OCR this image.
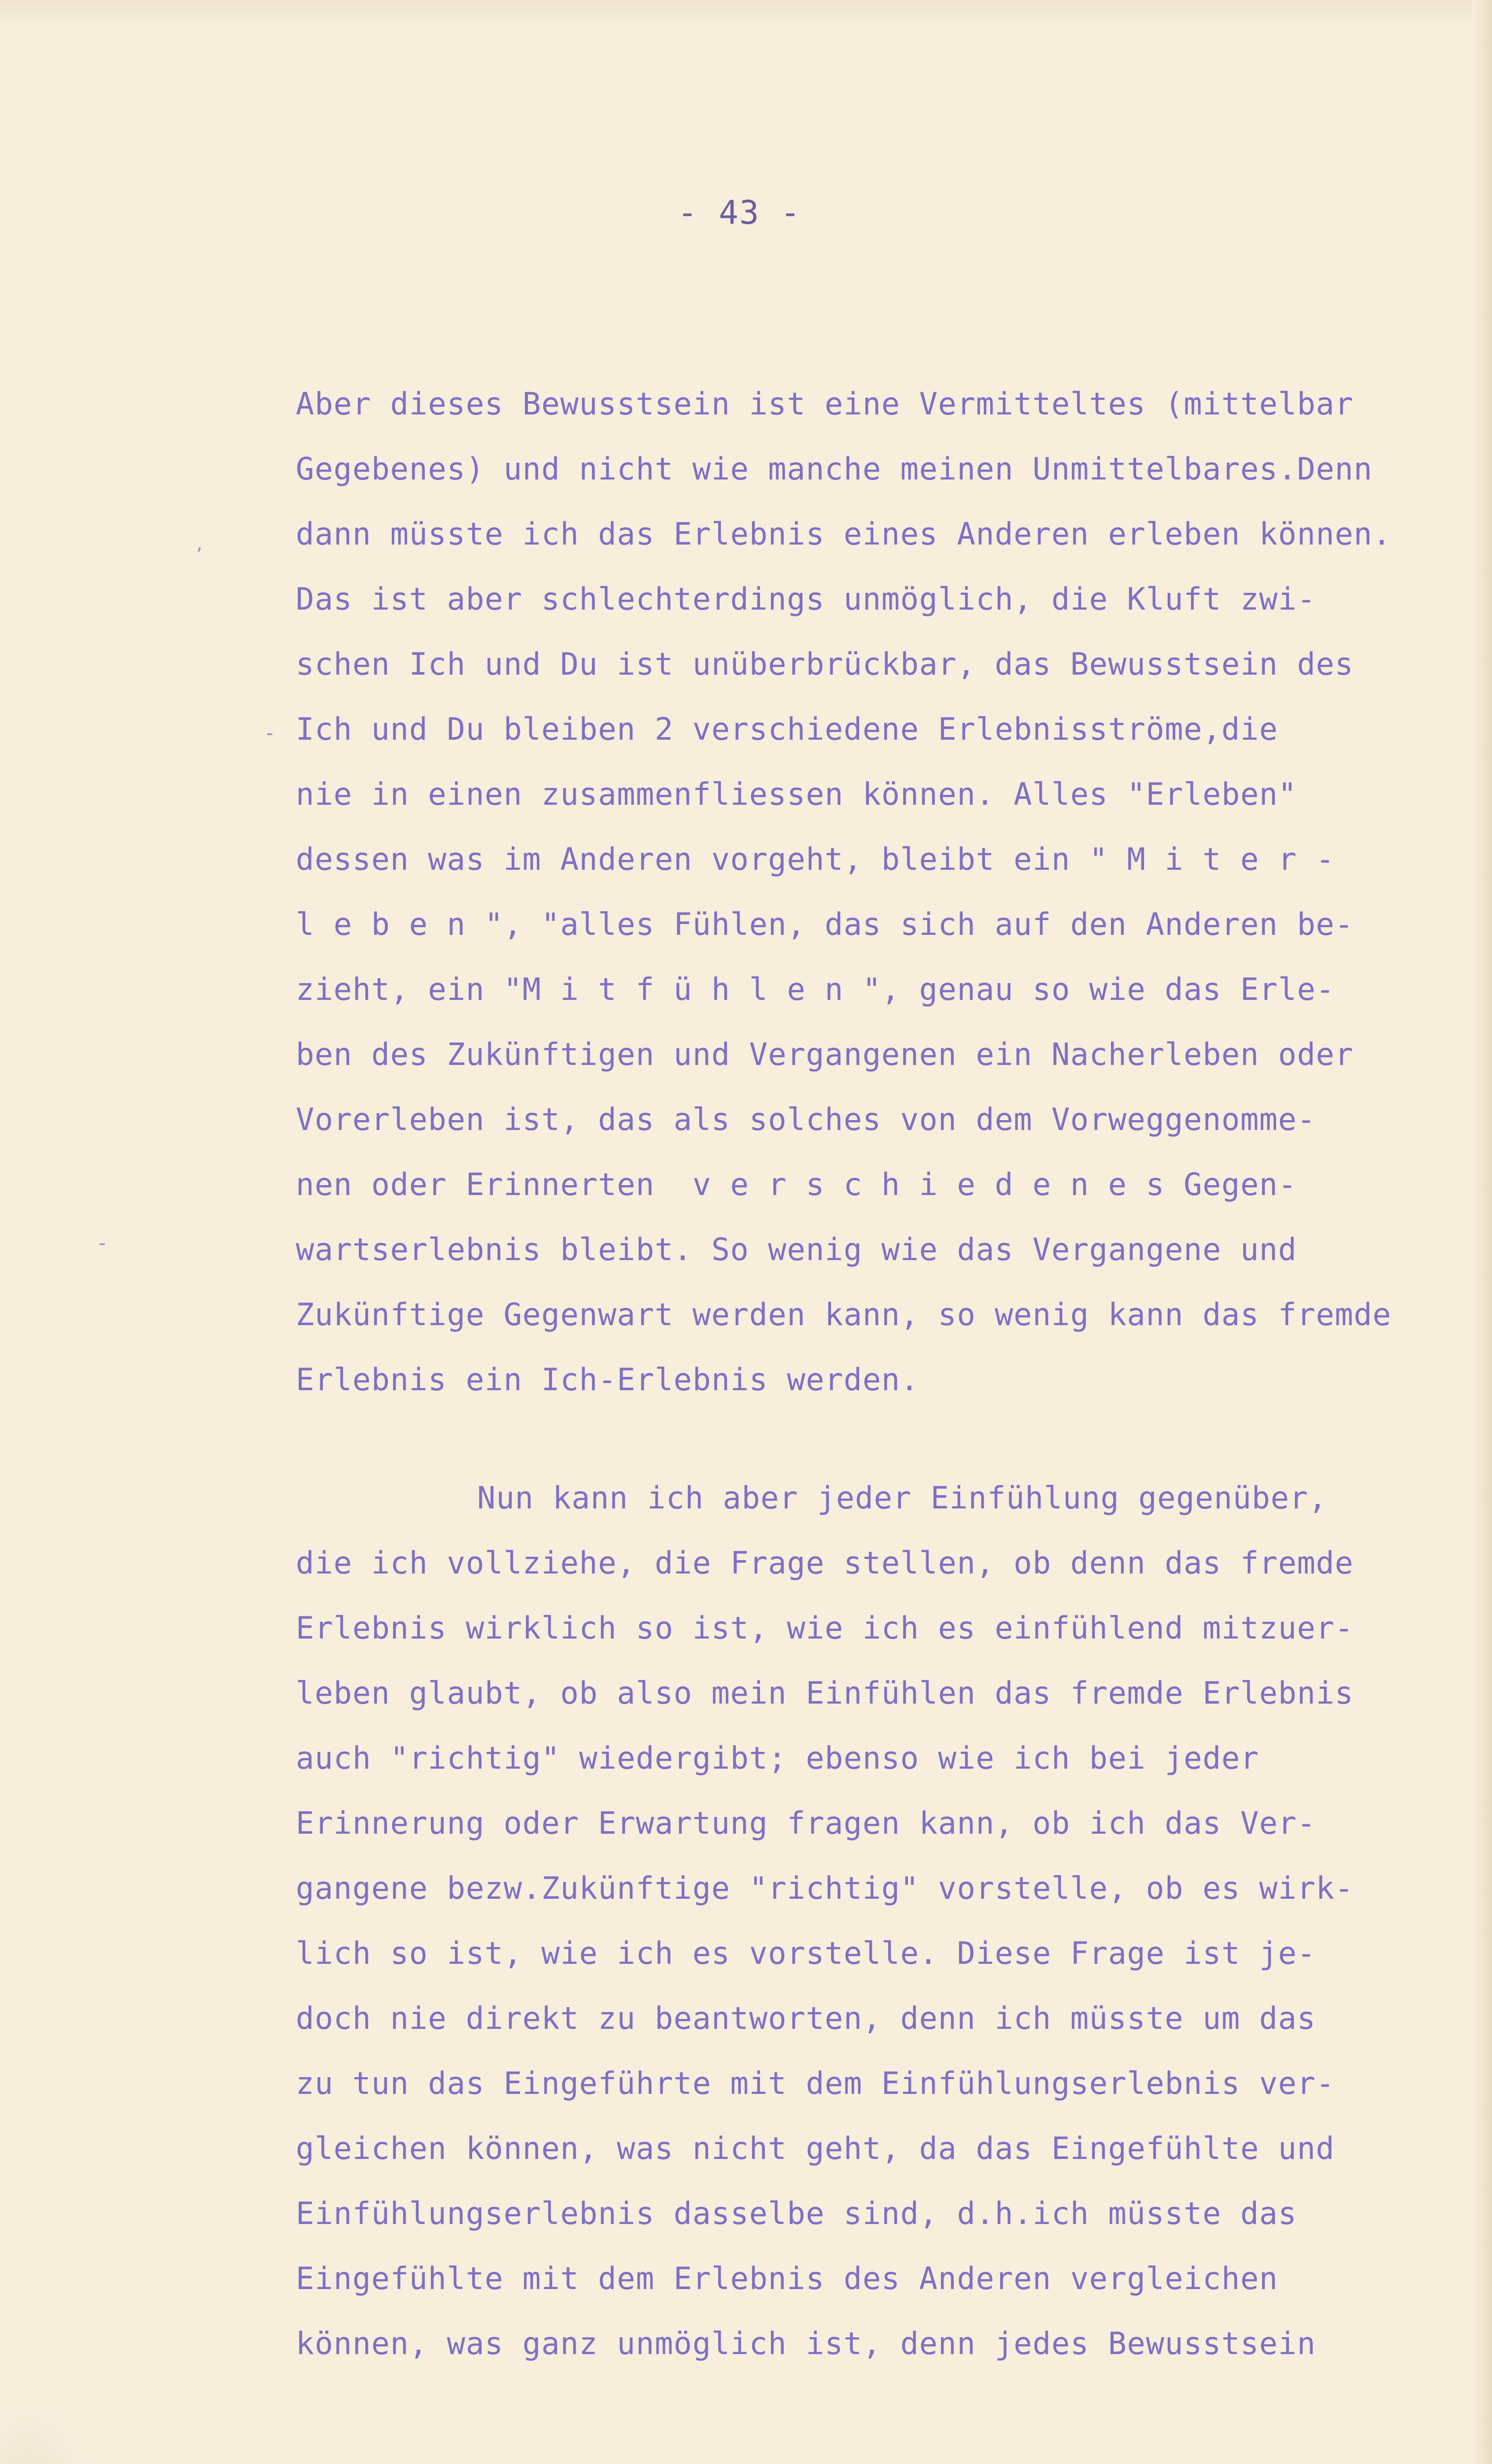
- 43 -
,
-
-
Aber dieses Bewusstsein ist eine Vermitteltes (mittelbar
Gegebenes) und nicht wie manche meinen Unmittelbares.Denn
dann müsste ich das Erlebnis eines Anderen erleben können.
Das ist aber schlechterdings unmöglich, die Kluft zwi-
schen Ich und Du ist unüberbrückbar, das Bewusstsein des
Ich und Du bleiben 2 verschiedene Erlebnisströme,die
nie in einen zusammenfliessen können. Alles "Erleben"
dessen was im Anderen vorgeht, bleibt ein " M i t e r -
l e b e n ", "alles Fühlen, das sich auf den Anderen be-
zieht, ein "M i t f ü h l e n ", genau so wie das Erle-
ben des Zukünftigen und Vergangenen ein Nacherleben oder
Vorerleben ist, das als solches von dem Vorweggenomme-
nen oder Erinnerten  v e r s c h i e d e n e s Gegen-
wartserlebnis bleibt. So wenig wie das Vergangene und
Zukünftige Gegenwart werden kann, so wenig kann das fremde
Erlebnis ein Ich-Erlebnis werden.
Nun kann ich aber jeder Einfühlung gegenüber,
die ich vollziehe, die Frage stellen, ob denn das fremde
Erlebnis wirklich so ist, wie ich es einfühlend mitzuer-
leben glaubt, ob also mein Einfühlen das fremde Erlebnis
auch "richtig" wiedergibt; ebenso wie ich bei jeder
Erinnerung oder Erwartung fragen kann, ob ich das Ver-
gangene bezw.Zukünftige "richtig" vorstelle, ob es wirk-
lich so ist, wie ich es vorstelle. Diese Frage ist je-
doch nie direkt zu beantworten, denn ich müsste um das
zu tun das Eingeführte mit dem Einfühlungserlebnis ver-
gleichen können, was nicht geht, da das Eingefühlte und
Einfühlungserlebnis dasselbe sind, d.h.ich müsste das
Eingefühlte mit dem Erlebnis des Anderen vergleichen
können, was ganz unmöglich ist, denn jedes Bewusstsein
